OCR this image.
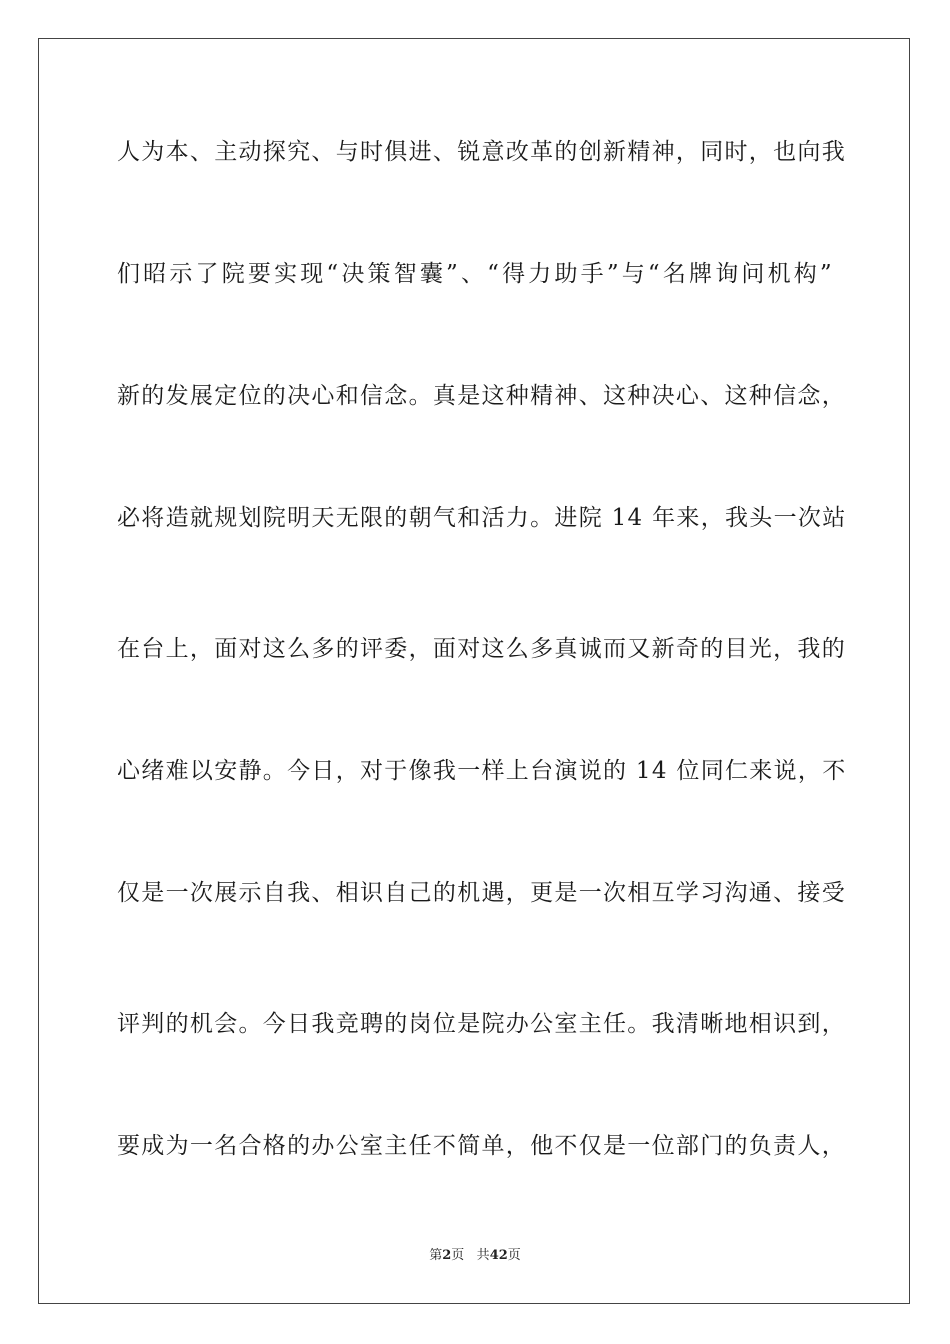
人为本、主动探究、与时俱进、锐意改革的创新精神，同时，也向我
们昭示了院要实现“决策智囊”、“得力助手”与“名牌询问机构”
新的发展定位的决心和信念。真是这种精神、这种决心、这种信念，
必将造就规划院明天无限的朝气和活力。进院 14 年来，我头一次站
在台上，面对这么多的评委，面对这么多真诚而又新奇的目光，我的
心绪难以安静。今日，对于像我一样上台演说的 14 位同仁来说，不
仅是一次展示自我、相识自己的机遇，更是一次相互学习沟通、接受
评判的机会。今日我竞聘的岗位是院办公室主任。我清晰地相识到，
要成为一名合格的办公室主任不简单，他不仅是一位部门的负责人，
第2页 共42页
